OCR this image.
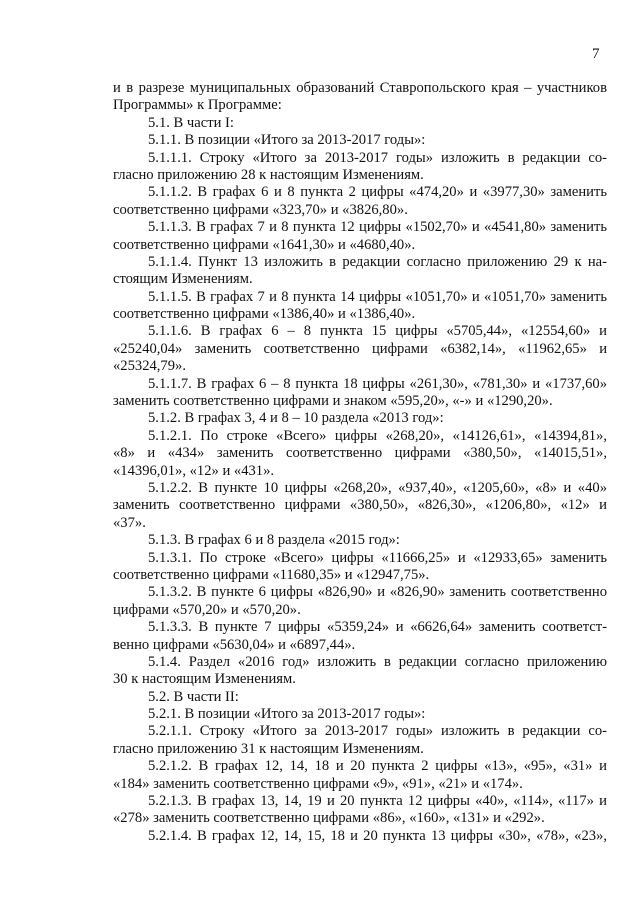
7
и в разрезе муниципальных образований Ставропольского края – участников
Программы» к Программе:
5.1. В части I:
5.1.1. В позиции «Итого за 2013-2017 годы»:
5.1.1.1. Строку «Итого за 2013-2017 годы» изложить в редакции со-
гласно приложению 28 к настоящим Изменениям.
5.1.1.2. В графах 6 и 8 пункта 2 цифры «474,20» и «3977,30» заменить
соответственно цифрами «323,70» и «3826,80».
5.1.1.3. В графах 7 и 8 пункта 12 цифры «1502,70» и «4541,80» заменить
соответственно цифрами «1641,30» и «4680,40».
5.1.1.4. Пункт 13 изложить в редакции согласно приложению 29 к на-
стоящим Изменениям.
5.1.1.5. В графах 7 и 8 пункта 14 цифры «1051,70» и «1051,70» заменить
соответственно цифрами «1386,40» и «1386,40».
5.1.1.6. В графах 6 – 8 пункта 15 цифры «5705,44», «12554,60» и
«25240,04» заменить соответственно цифрами «6382,14», «11962,65» и
«25324,79».
5.1.1.7. В графах 6 – 8 пункта 18 цифры «261,30», «781,30» и «1737,60»
заменить соответственно цифрами и знаком «595,20», «-» и «1290,20».
5.1.2. В графах 3, 4 и 8 – 10 раздела «2013 год»:
5.1.2.1. По строке «Всего» цифры «268,20», «14126,61», «14394,81»,
«8» и «434» заменить соответственно цифрами «380,50», «14015,51»,
«14396,01», «12» и «431».
5.1.2.2. В пункте 10 цифры «268,20», «937,40», «1205,60», «8» и «40»
заменить соответственно цифрами «380,50», «826,30», «1206,80», «12» и
«37».
5.1.3. В графах 6 и 8 раздела «2015 год»:
5.1.3.1. По строке «Всего» цифры «11666,25» и «12933,65» заменить
соответственно цифрами «11680,35» и «12947,75».
5.1.3.2. В пункте 6 цифры «826,90» и «826,90» заменить соответственно
цифрами «570,20» и «570,20».
5.1.3.3. В пункте 7 цифры «5359,24» и «6626,64» заменить соответст-
венно цифрами «5630,04» и «6897,44».
5.1.4. Раздел «2016 год» изложить в редакции согласно приложению
30 к настоящим Изменениям.
5.2. В части II:
5.2.1. В позиции «Итого за 2013-2017 годы»:
5.2.1.1. Строку «Итого за 2013-2017 годы» изложить в редакции со-
гласно приложению 31 к настоящим Изменениям.
5.2.1.2. В графах 12, 14, 18 и 20 пункта 2 цифры «13», «95», «31» и
«184» заменить соответственно цифрами «9», «91», «21» и «174».
5.2.1.3. В графах 13, 14, 19 и 20 пункта 12 цифры «40», «114», «117» и
«278» заменить соответственно цифрами «86», «160», «131» и «292».
5.2.1.4. В графах 12, 14, 15, 18 и 20 пункта 13 цифры «30», «78», «23»,
